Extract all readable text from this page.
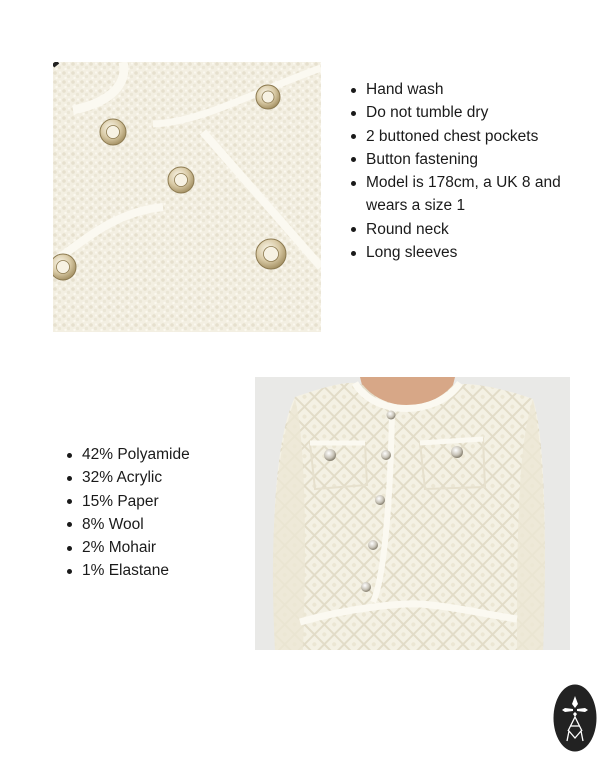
Hand wash
Do not tumble dry
2 buttoned chest pockets
Button fastening
Model is 178cm, a UK 8 and wears a size 1
Round neck
Long sleeves
42% Polyamide
32% Acrylic
15% Paper
8% Wool
2% Mohair
1% Elastane
